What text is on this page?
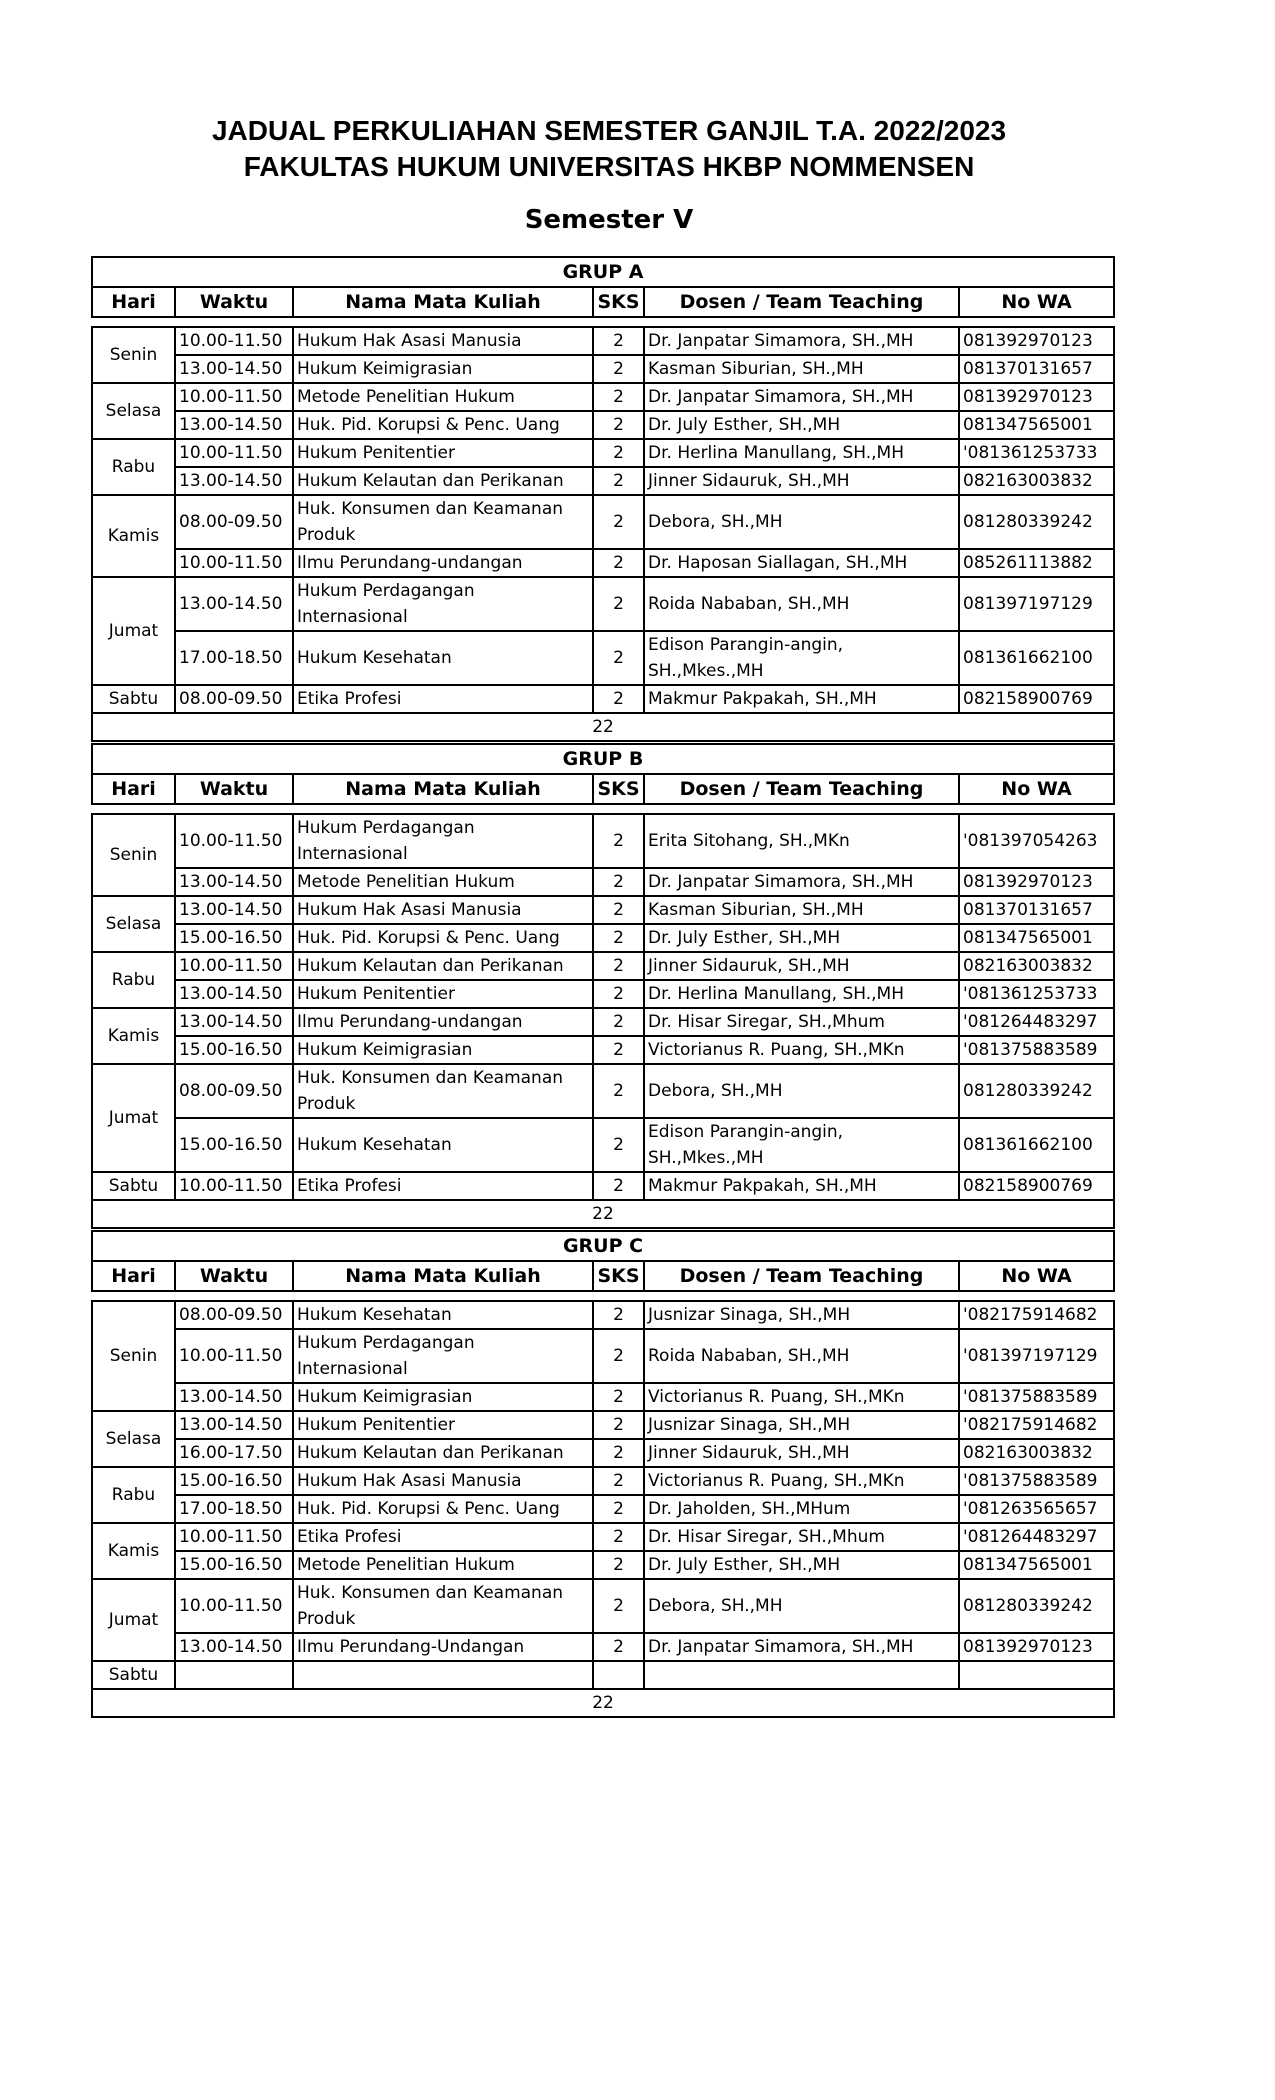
JADUAL PERKULIAHAN SEMESTER GANJIL T.A. 2022/2023
FAKULTAS HUKUM UNIVERSITAS HKBP NOMMENSEN
Semester V
GRUP A					
Hari	Waktu	Nama Mata Kuliah	SKS	Dosen / Team Teaching	No WA

Senin	10.00-11.50	Hukum Hak Asasi Manusia	2	Dr. Janpatar Simamora, SH.,MH	081392970123
	13.00-14.50	Hukum Keimigrasian	2	Kasman Siburian, SH.,MH	081370131657
Selasa	10.00-11.50	Metode Penelitian Hukum	2	Dr. Janpatar Simamora, SH.,MH	081392970123
	13.00-14.50	Huk. Pid. Korupsi & Penc. Uang	2	Dr. July Esther, SH.,MH	081347565001
Rabu	10.00-11.50	Hukum Penitentier	2	Dr. Herlina Manullang, SH.,MH	'081361253733
	13.00-14.50	Hukum Kelautan dan Perikanan	2	Jinner Sidauruk, SH.,MH	082163003832
Kamis	08.00-09.50	Huk. Konsumen dan Keamanan Produk	2	Debora, SH.,MH	081280339242
	10.00-11.50	Ilmu Perundang-undangan	2	Dr. Haposan Siallagan, SH.,MH	085261113882
Jumat	13.00-14.50	Hukum Perdagangan Internasional	2	Roida Nababan, SH.,MH	081397197129
	17.00-18.50	Hukum Kesehatan	2	Edison Parangin-angin, SH.,Mkes.,MH	081361662100
Sabtu	08.00-09.50	Etika Profesi	2	Makmur Pakpakah, SH.,MH	082158900769
22					
GRUP B					
Hari	Waktu	Nama Mata Kuliah	SKS	Dosen / Team Teaching	No WA

Senin	10.00-11.50	Hukum Perdagangan Internasional	2	Erita Sitohang, SH.,MKn	'081397054263
	13.00-14.50	Metode Penelitian Hukum	2	Dr. Janpatar Simamora, SH.,MH	081392970123
Selasa	13.00-14.50	Hukum Hak Asasi Manusia	2	Kasman Siburian, SH.,MH	081370131657
	15.00-16.50	Huk. Pid. Korupsi & Penc. Uang	2	Dr. July Esther, SH.,MH	081347565001
Rabu	10.00-11.50	Hukum Kelautan dan Perikanan	2	Jinner Sidauruk, SH.,MH	082163003832
	13.00-14.50	Hukum Penitentier	2	Dr. Herlina Manullang, SH.,MH	'081361253733
Kamis	13.00-14.50	Ilmu Perundang-undangan	2	Dr. Hisar Siregar, SH.,Mhum	'081264483297
	15.00-16.50	Hukum Keimigrasian	2	Victorianus R. Puang, SH.,MKn	'081375883589
Jumat	08.00-09.50	Huk. Konsumen dan Keamanan Produk	2	Debora, SH.,MH	081280339242
	15.00-16.50	Hukum Kesehatan	2	Edison Parangin-angin, SH.,Mkes.,MH	081361662100
Sabtu	10.00-11.50	Etika Profesi	2	Makmur Pakpakah, SH.,MH	082158900769
22					
GRUP C					
Hari	Waktu	Nama Mata Kuliah	SKS	Dosen / Team Teaching	No WA

Senin	08.00-09.50	Hukum Kesehatan	2	Jusnizar Sinaga, SH.,MH	'082175914682
	10.00-11.50	Hukum Perdagangan Internasional	2	Roida Nababan, SH.,MH	'081397197129
	13.00-14.50	Hukum Keimigrasian	2	Victorianus R. Puang, SH.,MKn	'081375883589
Selasa	13.00-14.50	Hukum Penitentier	2	Jusnizar Sinaga, SH.,MH	'082175914682
	16.00-17.50	Hukum Kelautan dan Perikanan	2	Jinner Sidauruk, SH.,MH	082163003832
Rabu	15.00-16.50	Hukum Hak Asasi Manusia	2	Victorianus R. Puang, SH.,MKn	'081375883589
	17.00-18.50	Huk. Pid. Korupsi & Penc. Uang	2	Dr. Jaholden, SH.,MHum	'081263565657
Kamis	10.00-11.50	Etika Profesi	2	Dr. Hisar Siregar, SH.,Mhum	'081264483297
	15.00-16.50	Metode Penelitian Hukum	2	Dr. July Esther, SH.,MH	081347565001
Jumat	10.00-11.50	Huk. Konsumen dan Keamanan Produk	2	Debora, SH.,MH	081280339242
	13.00-14.50	Ilmu Perundang-Undangan	2	Dr. Janpatar Simamora, SH.,MH	081392970123
Sabtu					
22					
